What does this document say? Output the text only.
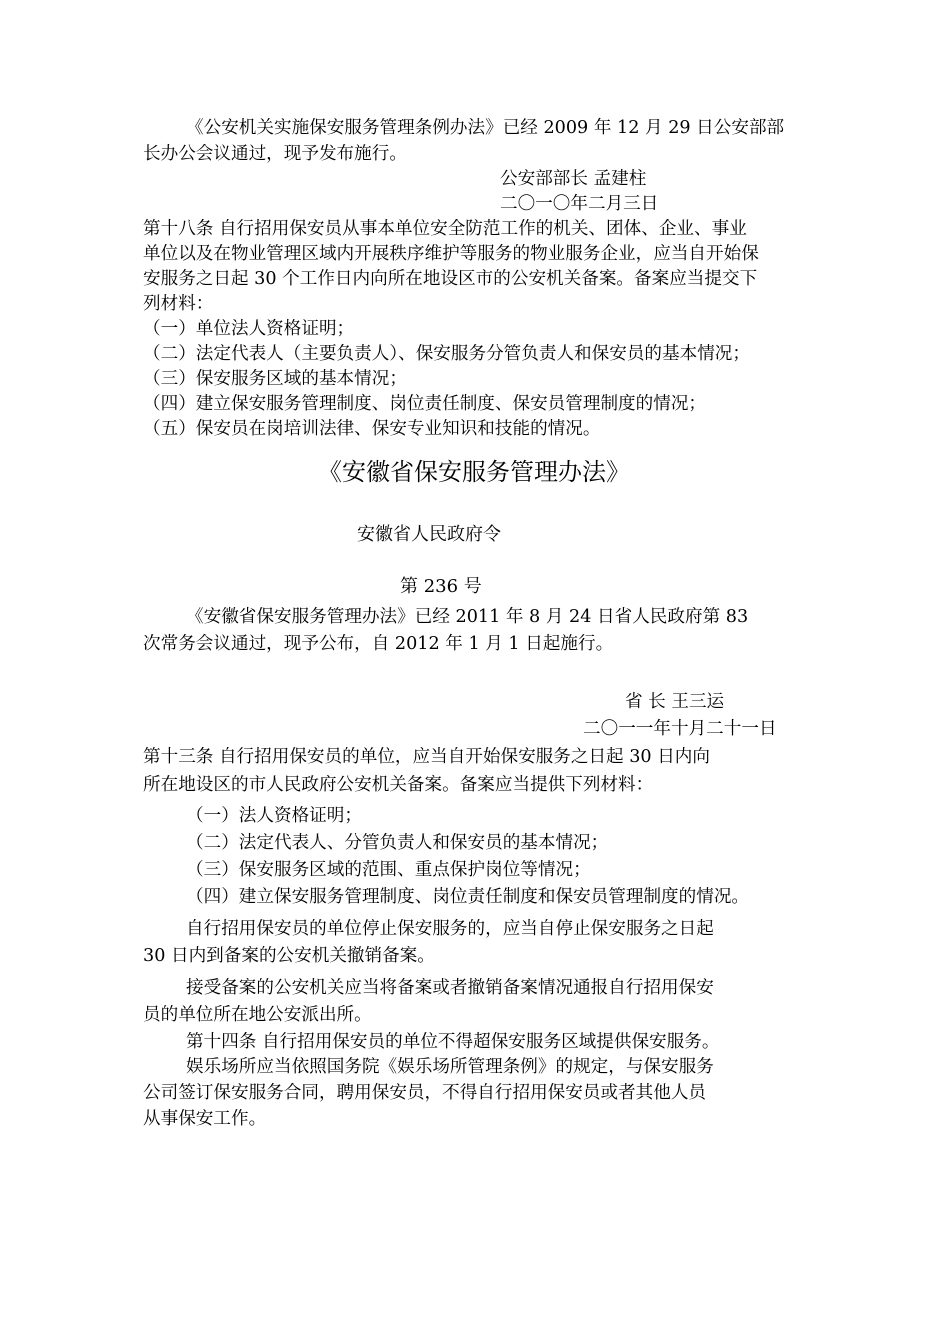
《公安机关实施保安服务管理条例办法》已经 2009 年 12 月 29 日公安部部
长办公会议通过，现予发布施行。
公安部部长 孟建柱
二〇一〇年二月三日
第十八条 自行招用保安员从事本单位安全防范工作的机关、团体、企业、事业
单位以及在物业管理区域内开展秩序维护等服务的物业服务企业，应当自开始保
安服务之日起 30 个工作日内向所在地设区市的公安机关备案。备案应当提交下
列材料：
（一）单位法人资格证明；
（二）法定代表人（主要负责人）、保安服务分管负责人和保安员的基本情况；
（三）保安服务区域的基本情况；
（四）建立保安服务管理制度、岗位责任制度、保安员管理制度的情况；
（五）保安员在岗培训法律、保安专业知识和技能的情况。
《安徽省保安服务管理办法》
安徽省人民政府令
第 236 号
《安徽省保安服务管理办法》已经 2011 年 8 月 24 日省人民政府第 83
次常务会议通过，现予公布，自 2012 年 1 月 1 日起施行。
省 长 王三运
二〇一一年十月二十一日
第十三条 自行招用保安员的单位，应当自开始保安服务之日起 30 日内向
所在地设区的市人民政府公安机关备案。备案应当提供下列材料：
（一）法人资格证明；
（二）法定代表人、分管负责人和保安员的基本情况；
（三）保安服务区域的范围、重点保护岗位等情况；
（四）建立保安服务管理制度、岗位责任制度和保安员管理制度的情况。
自行招用保安员的单位停止保安服务的，应当自停止保安服务之日起
30 日内到备案的公安机关撤销备案。
接受备案的公安机关应当将备案或者撤销备案情况通报自行招用保安
员的单位所在地公安派出所。
第十四条 自行招用保安员的单位不得超保安服务区域提供保安服务。
娱乐场所应当依照国务院《娱乐场所管理条例》的规定，与保安服务
公司签订保安服务合同，聘用保安员，不得自行招用保安员或者其他人员
从事保安工作。
